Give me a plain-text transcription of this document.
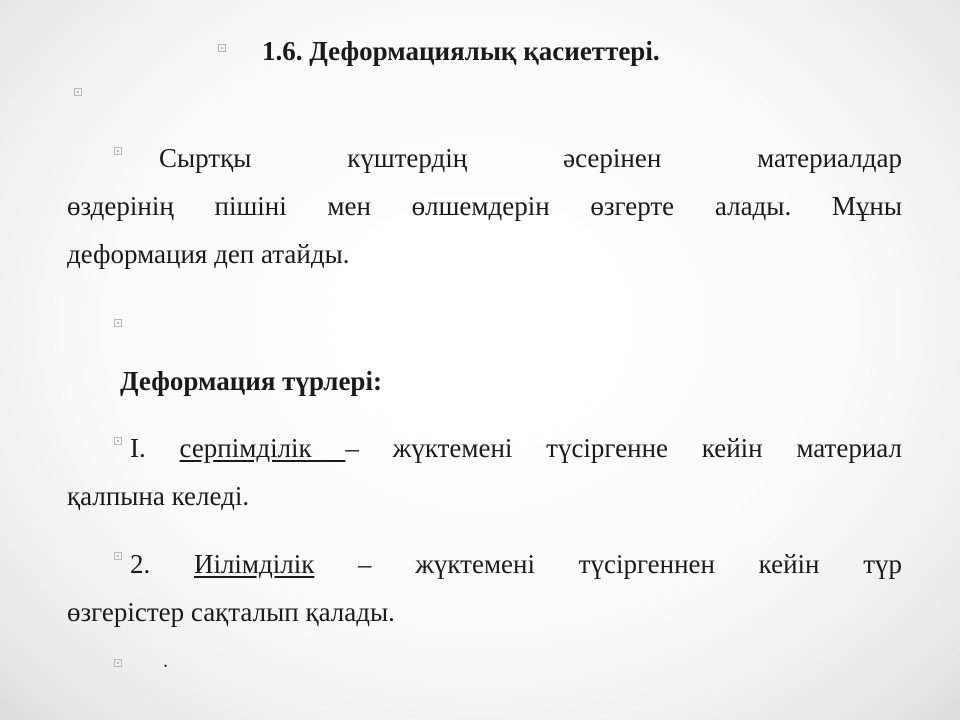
1.6. Деформациялық қасиеттері.
Сыртқы	күштердің	әсерінен	материалдар
өздерінің пішіні мен өлшемдерін өзгерте алады. Мұны
деформация деп атайды.
Деформация түрлері:
I. серпімділік – жүктемені түсіргенне кейін материал
қалпына келеді.
2. Иілімділік – жүктемені түсіргеннен кейін түр
өзгерістер сақталып қалады.
.
